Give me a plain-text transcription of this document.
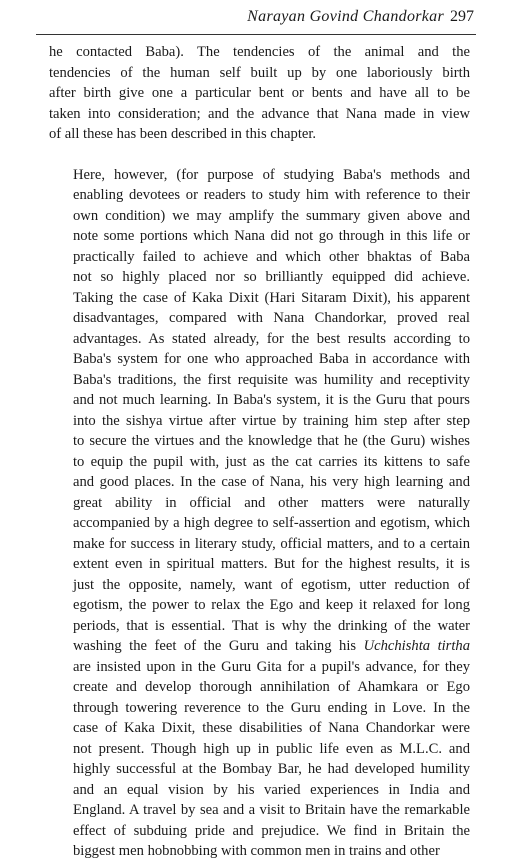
Narayan Govind Chandorkar 297

he contacted Baba). The tendencies of the animal and the
tendencies of the human self built up by one laboriously birth
after birth give one a particular bent or bents and have all to be
taken into consideration; and the advance that Nana made in view
of all these has been described in this chapter.

Here, however, (for purpose of studying Baba's methods and
enabling devotees or readers to study him with reference to their
own condition) we may amplify the summary given above and
note some portions which Nana did not go through in this life or
practically failed to achieve and which other bhaktas of Baba
not so highly placed nor so brilliantly equipped did achieve.
Taking the case of Kaka Dixit (Hari Sitaram Dixit), his apparent
disadvantages, compared with Nana Chandorkar, proved real
advantages. As stated already, for the best results according to
Baba's system for one who approached Baba in accordance with
Baba's traditions, the first requisite was humility and receptivity
and not much learning. In Baba's system, it is the Guru that pours
into the sishya virtue after virtue by training him step after step
to secure the virtues and the knowledge that he (the Guru) wishes
to equip the pupil with, just as the cat carries its kittens to safe
and good places. In the case of Nana, his very high learning and
great ability in official and other matters were naturally
accompanied by a high degree to self-assertion and egotism, which
make for success in literary study, official matters, and to a certain
extent even in spiritual matters. But for the highest results, it is
just the opposite, namely, want of egotism, utter reduction of
egotism, the power to relax the Ego and keep it relaxed for long
periods, that is essential. That is why the drinking of the water
washing the feet of the Guru and taking his Uchchishta tirtha
are insisted upon in the Guru Gita for a pupil's advance, for they
create and develop thorough annihilation of Ahamkara or Ego
through towering reverence to the Guru ending in Love. In the
case of Kaka Dixit, these disabilities of Nana Chandorkar were
not present. Though high up in public life even as M.L.C. and
highly successful at the Bombay Bar, he had developed humility
and an equal vision by his varied experiences in India and
England. A travel by sea and a visit to Britain have the remarkable
effect of subduing pride and prejudice. We find in Britain the
biggest men hobnobbing with common men in trains and other
